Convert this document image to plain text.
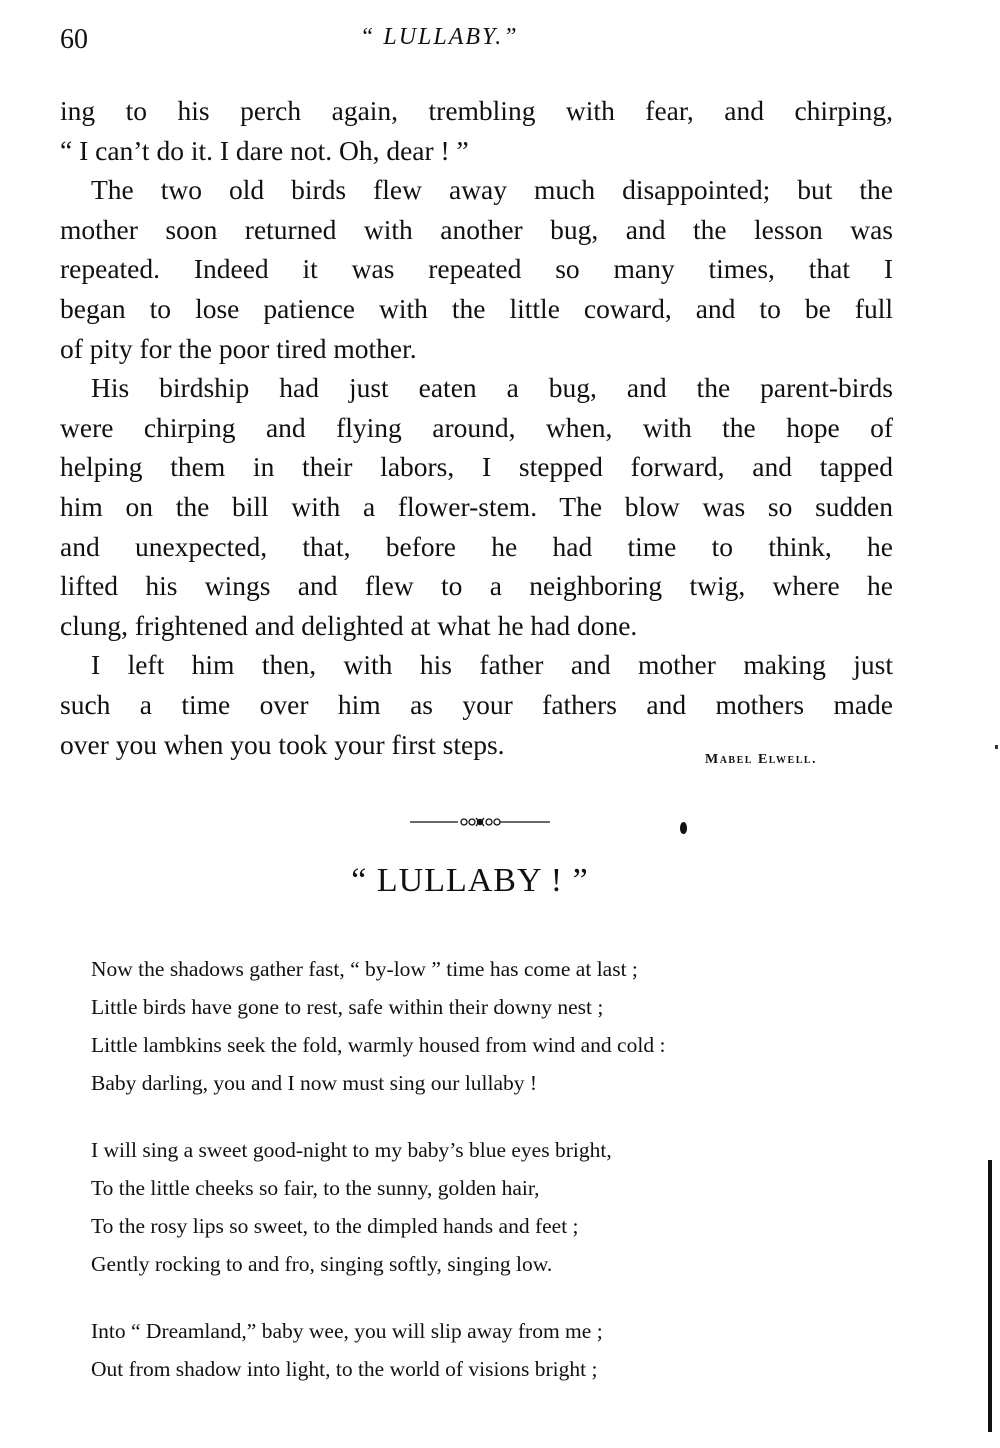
60	“ LULLABY.”
ing to his perch again, trembling with fear, and chirping,
“ I can’t do it. I dare not. Oh, dear ! ”
The two old birds flew away much disappointed; but the
mother soon returned with another bug, and the lesson was
repeated. Indeed it was repeated so many times, that I
began to lose patience with the little coward, and to be full
of pity for the poor tired mother.
His birdship had just eaten a bug, and the parent-birds
were chirping and flying around, when, with the hope of
helping them in their labors, I stepped forward, and tapped
him on the bill with a flower-stem. The blow was so sudden
and unexpected, that, before he had time to think, he
lifted his wings and flew to a neighboring twig, where he
clung, frightened and delighted at what he had done.
I left him then, with his father and mother making just
such a time over him as your fathers and mothers made
over you when you took your first steps.	Mabel Elwell.
“ LULLABY ! ”
Now the shadows gather fast, “ by-low ” time has come at last ;
Little birds have gone to rest, safe within their downy nest ;
Little lambkins seek the fold, warmly housed from wind and cold :
Baby darling, you and I now must sing our lullaby !
I will sing a sweet good-night to my baby’s blue eyes bright,
To the little cheeks so fair, to the sunny, golden hair,
To the rosy lips so sweet, to the dimpled hands and feet ;
Gently rocking to and fro, singing softly, singing low.
Into “ Dreamland,” baby wee, you will slip away from me ;
Out from shadow into light, to the world of visions bright ;
